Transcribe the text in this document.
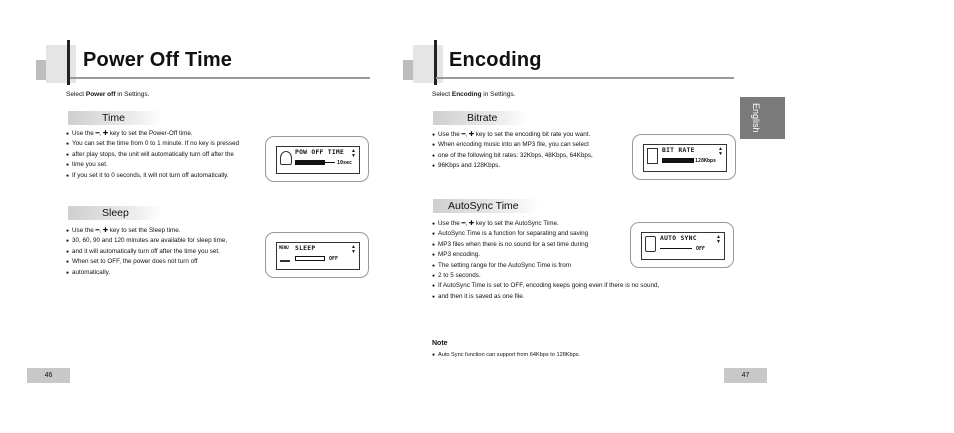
Power Off Time
Select Power off in Settings.
Time
● Use the ━, ✚ key to set the Power-Off time.
● You can set the time from 0 to 1 minute. If no key is pressed
● after play stops, the unit will automatically turn off after the
● time you set.
● If you set it to 0 seconds, it will not turn off automatically.
POW OFF TIME
10sec
▲
▼
Sleep
● Use the ━, ✚ key to set the Sleep time.
● 30, 60, 90 and 120 minutes are available for sleep time,
● and it will automatically turn off after the time you set.
● When set to OFF, the power does not turn off
● automatically.
MENU SLEEP
OFF
▲
▼
46
Encoding
Select Encoding in Settings.
Bitrate
● Use the ━, ✚ key to set the encoding bit rate you want.
● When encoding music into an MP3 file, you can select
● one of the following bit rates: 32Kbps, 48Kbps, 64Kbps,
● 96Kbps and 128Kbps.
BIT RATE
128Kbps
▲
▼
AutoSync Time
● Use the ━, ✚ key to set the AutoSync Time.
● AutoSync Time is a function for separating and saving
● MP3 files when there is no sound for a set time during
● MP3 encoding.
● The setting range for the AutoSync Time is from
● 2 to 5 seconds.
● If AutoSync Time is set to OFF, encoding keeps going even if there is no sound,
● and then it is saved as one file.
AUTO SYNC
OFF
▲
▼
Note
● Auto Sync function can support from 64Kbps to 128Kbps.
47
English
